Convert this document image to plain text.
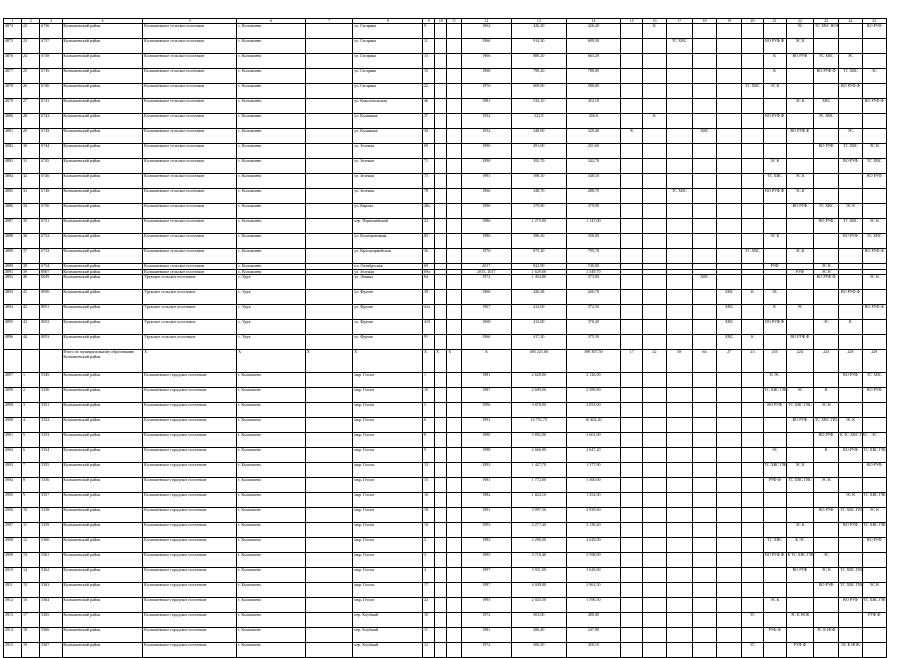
1	2	3	4	5	6	7	8	9	10	11	12	13	14	15	16	17	18	19	20	21	22	23	24	25
4874	22	6736	Колпашевский район	Колпашевское сельское поселение	с. Колпашево		ул. Гагарина	9			1962	426,20	426,20		К						ЭС	ТС ХВС НОК		ВО РУФ
4875	23	6737	Колпашевский район	Колпашевское сельское поселение	с. Колпашево		ул. Гагарина	11			1966	914,30	699,50			ТС ХВС				ВО РУФ Ф	ЭС К			
4876	24	6738	Колпашевский район	Колпашевское сельское поселение	с. Колпашево		ул. Гагарина	13			1966	880,20	663,20							К	ВО РУФ	ТС ХВС	ЭС	
4877	25	6739	Колпашевский район	Колпашевское сельское поселение	с. Колпашево		ул. Гагарина	15			1968	790,20	788,00							К		ВО РУФ Ф	ТС ХВС	ЭС
4878	26	6740	Колпашевский район	Колпашевское сельское поселение	с. Колпашево		ул. Гагарина	22			1976	600,00	580,00						ТС ХВС	ЭС К			ВО РУФ Ф	
4879	27	6741	Колпашевский район	Колпашевское сельское поселение	с. Колпашево		ул. Комсомольская	46			1981	532,10	452,10								ЭС К	ХВС		ВО РУФ Ф
4880	28	6742	Колпашевский район	Колпашевское сельское поселение	с. Колпашево		ул. Калинина	37			1932	521,8	456,8		К					ВО РУФ Ф		ЭС ХВС		
4881	29	6743	Колпашевский район	Колпашевское сельское поселение	с. Колпашево		ул. Калинина	39			1932	348,00	329,40	К			ХВС				ВО РУФ Ф		ЭС	
4882	30	6744	Колпашевский район	Колпашевское сельское поселение	с. Колпашево		ул. Зеленая	69			1990	491,60	251,60									ВО РУФ	ТС ХВС	ЭС К
4883	31	6745	Колпашевский район	Колпашевское сельское поселение	с. Колпашево		ул. Зеленая	71			1990	392,70	342,70							ЭС К			ВО РУФ	ТС ХВС
4884	32	6746	Колпашевский район	Колпашевское сельское поселение	с. Колпашево		ул. Зеленая	73			1991	398,10	348,10							ТС ХВС	ЭС К			ВО РУФ
4885	33	6748	Колпашевский район	Колпашевское сельское поселение	с. Колпашево		ул. Зеленая	78			1966	348,70	288,70			ТС ХВС				ВО РУФ Ф	ЭС К			
4886	34	6750	Колпашевский район	Колпашевское сельское поселение	с. Колпашево		ул. Кирова	48а			1990	379,90	379,90								ВО РУФ	ТС ХВС	ЭС К	
4887	35	6751	Колпашевский район	Колпашевское сельское поселение	с. Колпашево		пер. Первомайский	23			1986	1 275,00	1 147,00									ВО РУФ	ТС ХВС	ЭС К
4888	36	6752	Колпашевский район	Колпашевское сельское поселение	с. Колпашево		ул. Кооперативная	83			1986	396,30	356,00							ЭС К			ВО РУФ	ТС ХВС
4889	37	6753	Колпашевский район	Колпашевское сельское поселение	с. Колпашево		ул. Красноармейская	36			1976	875,30	795,70						ТС ХВС		ЭС К			ВО РУФ Ф
4890	38	6754	Колпашевский район	Колпашевское сельское поселение	с. Колпашево		пл. Октябрьская	69			2017	822,90	740,00							РУФ		ЭС К		
4891	39	8007	Колпашевский район	Колпашевское сельское поселение	с. Колпашево		ул. Зеленая	69а			2015, 2017	1 629,60	1 549,70								РУФ	ЭС К		
4892	40	8049	Колпашевский район	Урукское сельское поселение	с. Урук		ул. Ленина	64			1972	1 454,80	373,80				ХВС					ВО РУФ Ф		ЭС К
4893	41	8050	Колпашевский район	Урукское сельское поселение	с. Урук		ул. Фрунзе	39			1966	426,38	266,70					ХВС	К	ЭС			ВО РУФ Ф	
4894	42	8051	Колпашевский район	Урукское сельское поселение	с. Урук		ул. Фрунзе	41а			1967	412,00	372,50					ХВС		К	ЭС			ВО РУФ Ф
4895	43	8052	Колпашевский район	Урукское сельское поселение	с. Урук		ул. Фрунзе	41б			1968	412,00	370,20					ХВС		ВО РУФ Ф		ЭС	К	
4896	44	8053	Колпашевский район	Урукское сельское поселение	с. Урук		ул. Фрунзе	91			1966	417,20	375,50					ХВС	К		ВО РУФ Ф			
			Итого по муниципальному образованию Колпашевский район	Х	Х	Х	Х	Х	Х	Х	Х	485 221,60	398 307,50	17	22	58	64	27	23	235	224	223	228	229
4897	1	5349	Колпашевский район	Колпашевское городское поселение	г. Колпашево		мкр. Геолог	1			1981	2 628,00	2 126,00							К ЭС			ВО РУФ	ТС ХВС
4898	2	5350	Колпашевский район	Колпашевское городское поселение	г. Колпашево		мкр. Геолог	10			1987	2 609,00	2 589,00							ТС ХВС ГВС	ЭС	К		ВО РУФ
4899	3	5351	Колпашевский район	Колпашевское городское поселение	г. Колпашево		мкр. Геолог	5			1996	3 870,00	3 053,00							ВО РУФ	ТС ХВС ГВС	ЭС К		
4900	4	5352	Колпашевский район	Колпашевское городское поселение	г. Колпашево		мкр. Геолог	6			1991	10 751,75	10 402,20								ВО РУФ	ТС ХВС ГВС	ЭС К	
4901	5	5353	Колпашевский район	Колпашевское городское поселение	г. Колпашево		мкр. Геолог	8			1980	5 892,00	3 601,00									ВО РУФ	К ТС ХВС ГВС	ЭС
4902	6	5354	Колпашевский район	Колпашевское городское поселение	г. Колпашево		мкр. Геолог	9			1988	2 666,80	2 647,20							ЭС		К	ВО РУФ	ТС ХВС ГВС
4903	7	5355	Колпашевский район	Колпашевское городское поселение	г. Колпашево		мкр. Геолог	13			1993	1 427,70	1 377,90							ТС ХВС ГВС	ЭС К			ВО РУФ
4904	8	5356	Колпашевский район	Колпашевское городское поселение	г. Колпашево		мкр. Геолог	15			1981	1 772,00	1 360,00							РУФ Ф	ТС ХВС ГВС	ЭС К		
4905	9	5357	Колпашевский район	Колпашевское городское поселение	г. Колпашево		мкр. Геолог	16			1982	1 824,10	1 352,00										ЭС К	ТС ХВС ГВС
4906	10	5358	Колпашевский район	Колпашевское городское поселение	г. Колпашево		мкр. Геолог	18			1991	3 997,50	2 939,60									ВО РУФ	ТС ХВС ГВС	ЭС К
4907	11	5359	Колпашевский район	Колпашевское городское поселение	г. Колпашево		мкр. Геолог	19			1993	4 277,40	3 138,40								ЭС К		ВО РУФ	ТС ХВС ГВС
4908	12	5360	Колпашевский район	Колпашевское городское поселение	г. Колпашево		мкр. Геолог	2			1983	3 296,00	2 029,00							ТС ХВС	К ЭС			ВО РУФ
4909	13	5361	Колпашевский район	Колпашевское городское поселение	г. Колпашево		мкр. Геолог	3			1985	3 716,40	3 598,00							ВО РУФ Ф	К ТС ХВС ГВС	ЭС		
4910	14	5362	Колпашевский район	Колпашевское городское поселение	г. Колпашево		мкр. Геолог	4			1997	3 931,00	3 629,00								ВО РУФ	ЭС К	ТС ХВС ГВС	
4911	15	5363	Колпашевский район	Колпашевское городское поселение	г. Колпашево		мкр. Геолог	17			1987	4 049,00	2 961,50									ВО РУФ	ТС ХВС ГВС	ЭС К
4912	16	5364	Колпашевский район	Колпашевское городское поселение	г. Колпашево		мкр. Геолог	22			1993	2 025,50	1 596,50							ЭС К			ВО РУФ	ТС ХВС ГВС
4913	17	5365	Колпашевский район	Колпашевское городское поселение	г. Колпашево		пер. Клубный	10			1972	503,00	480,00						ТС		ЭС К НОК			РУФ Ф
4914	18	5366	Колпашевский район	Колпашевское городское поселение	г. Колпашево		пер. Клубный	11			1981	286,40	247,80							РУФ Ф		ЭС К НОК		
4915	19	5367	Колпашевский район	Колпашевское городское поселение	г. Колпашево		пер. Клубный	12			1972	506,50	450,10						ТС		РУФ Ф		ЭС К НОК	
